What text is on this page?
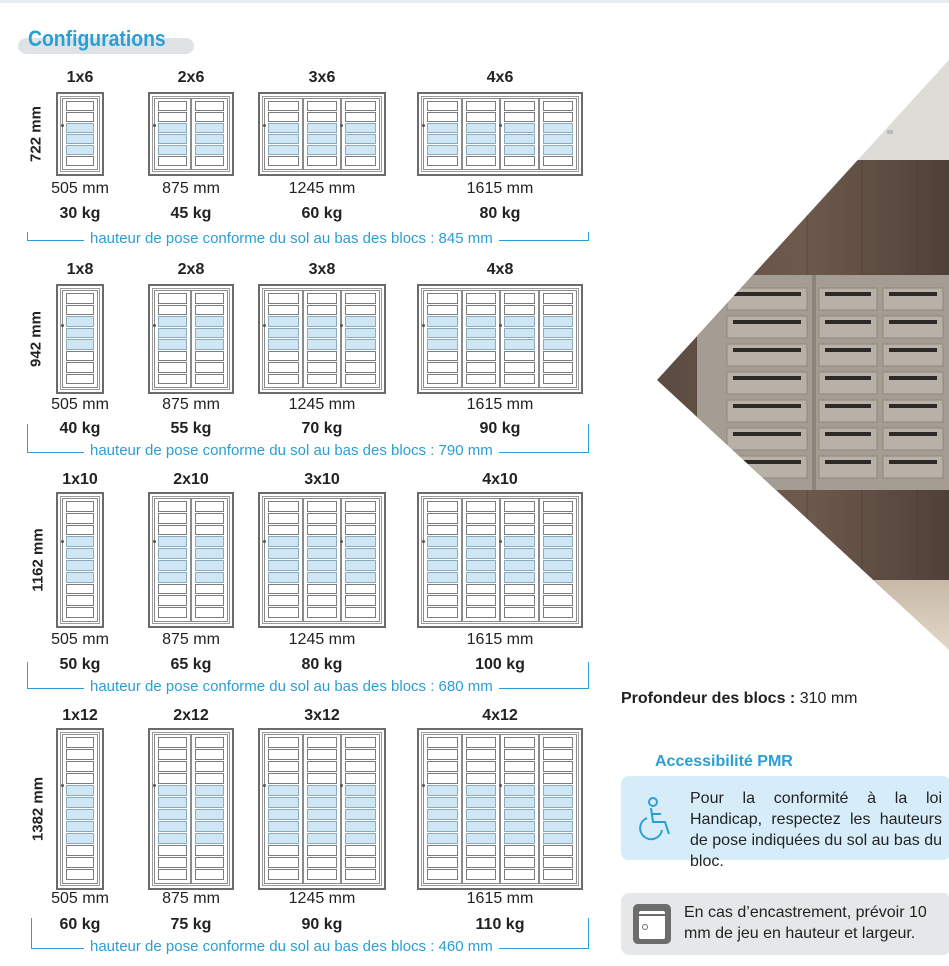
Configurations
722 mm
1x6
505 mm
30 kg
2x6
875 mm
45 kg
3x6
1245 mm
60 kg
4x6
1615 mm
80 kg
hauteur de pose conforme du sol au bas des blocs : 845 mm
942 mm
1x8
505 mm
40 kg
2x8
875 mm
55 kg
3x8
1245 mm
70 kg
4x8
1615 mm
90 kg
hauteur de pose conforme du sol au bas des blocs : 790 mm
1162 mm
1x10
505 mm
50 kg
2x10
875 mm
65 kg
3x10
1245 mm
80 kg
4x10
1615 mm
100 kg
hauteur de pose conforme du sol au bas des blocs : 680 mm
1382 mm
1x12
505 mm
60 kg
2x12
875 mm
75 kg
3x12
1245 mm
90 kg
4x12
1615 mm
110 kg
hauteur de pose conforme du sol au bas des blocs : 460 mm
Profondeur des blocs : 310 mm
Accessibilité PMR
Pour la conformité à la loi Handicap, respectez les hauteurs de pose indiquées du sol au bas du bloc.
En cas d’encastrement, prévoir 10 mm de jeu en hauteur et largeur.
